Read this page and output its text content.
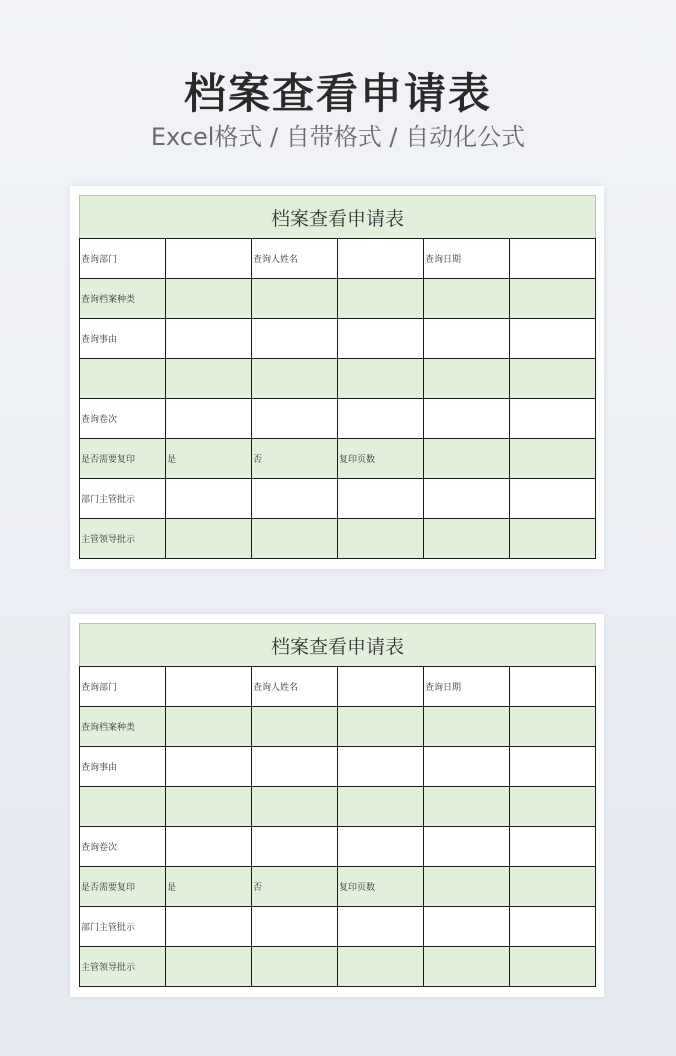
档案查看申请表
Excel格式 / 自带格式 / 自动化公式
档案查看申请表					
查询部门		查询人姓名		查询日期	
查询档案种类					
查询事由					

查询卷次					
是否需要复印	是	否	复印页数		
部门主管批示					
主管领导批示					
档案查看申请表					
查询部门		查询人姓名		查询日期	
查询档案种类					
查询事由					

查询卷次					
是否需要复印	是	否	复印页数		
部门主管批示					
主管领导批示					
